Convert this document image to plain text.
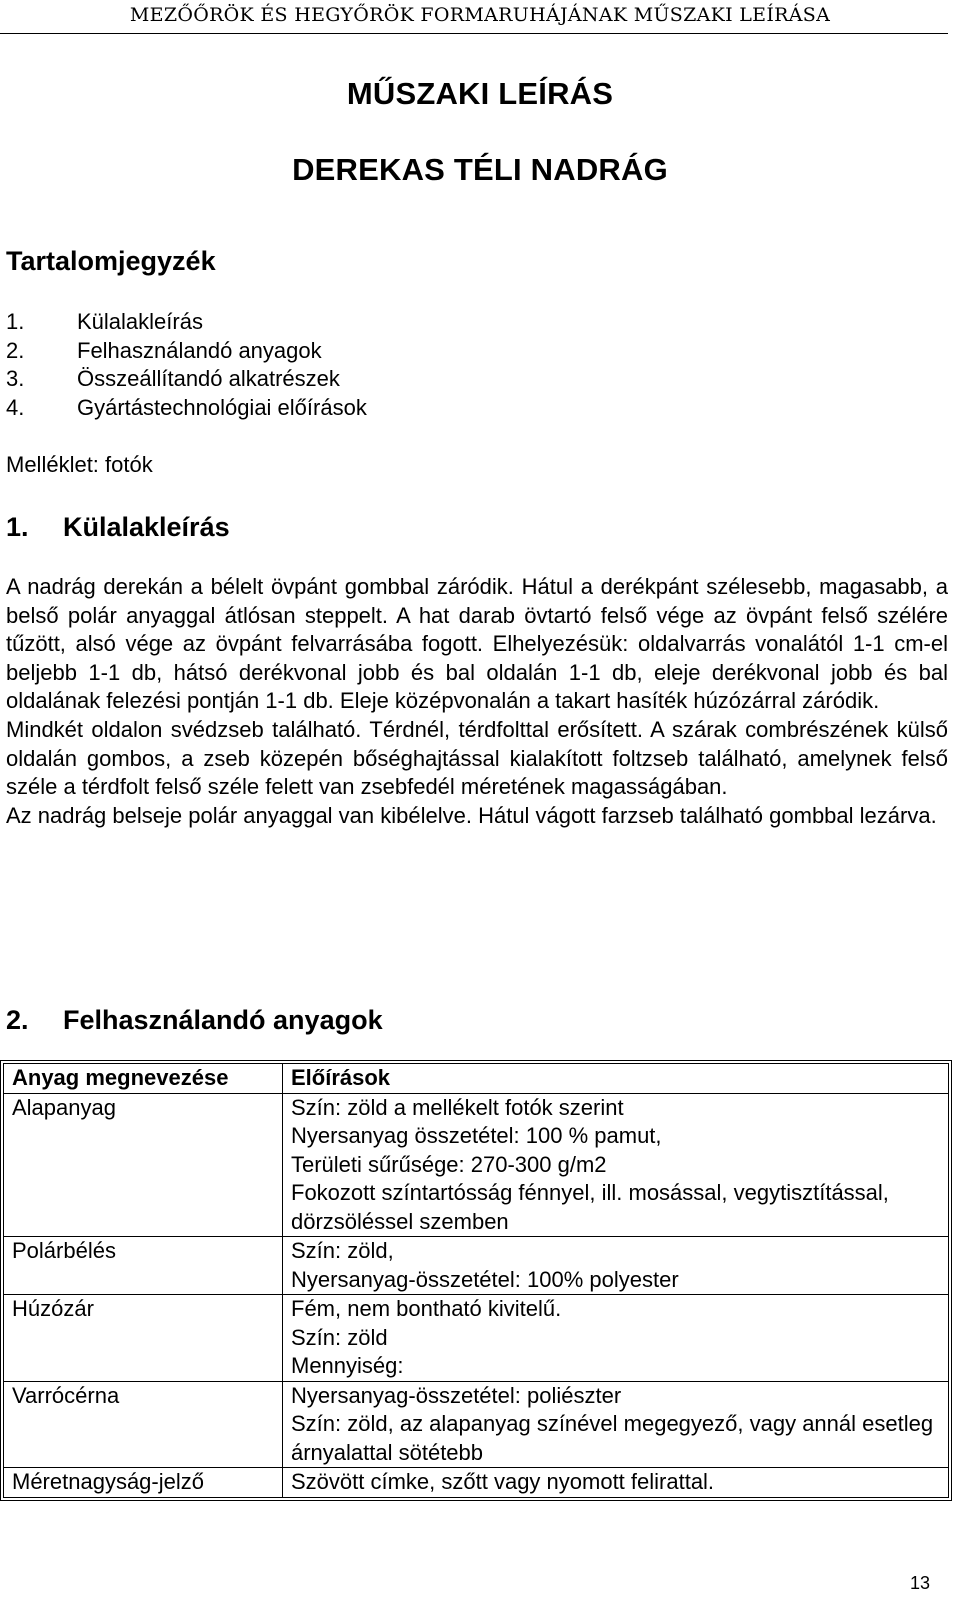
MEZŐŐRÖK ÉS HEGYŐRÖK FORMARUHÁJÁNAK MŰSZAKI LEÍRÁSA
MŰSZAKI LEÍRÁS
DEREKAS TÉLI NADRÁG
Tartalomjegyzék
1.	Külalakleírás
2.	Felhasználandó anyagok
3.	Összeállítandó alkatrészek
4.	Gyártástechnológiai előírások
Melléklet: fotók
1.	Külalakleírás

A nadrág derekán a bélelt övpánt gombbal záródik. Hátul a derékpánt szélesebb, magasabb, a belső polár anyaggal átlósan steppelt. A hat darab övtartó felső vége az övpánt felső szélére tűzött, alsó vége az övpánt felvarrásába fogott. Elhelyezésük: oldalvarrás vonalától 1-1 cm-el beljebb 1-1 db, hátsó derékvonal jobb és bal oldalán 1-1 db, eleje derékvonal jobb és bal oldalának felezési pontján 1-1 db. Eleje középvonalán a takart hasíték húzózárral záródik.

Mindkét oldalon svédzseb található. Térdnél, térdfolttal erősített. A szárak combrészének külső oldalán gombos, a zseb közepén bőséghajtással kialakított foltzseb található, amelynek felső széle a térdfolt felső széle felett van zsebfedél méretének magasságában.

Az nadrág belseje polár anyaggal van kibélelve. Hátul vágott farzseb található gombbal lezárva.

2.	Felhasználandó anyagok
Anyag megnevezése	Előírások
Alapanyag	Szín: zöld a mellékelt fotók szerint
Nyersanyag összetétel: 100 % pamut,
Területi sűrűsége: 270-300 g/m2
Fokozott színtartósság fénnyel, ill. mosással, vegytisztítással, dörzsöléssel szemben

Polárbélés	Szín: zöld,
Nyersanyag-összetétel: 100% polyester

Húzózár	Fém, nem bontható kivitelű.
Szín: zöld
Mennyiség:

Varrócérna	Nyersanyag-összetétel: poliészter
Szín: zöld, az alapanyag színével megegyező, vagy annál esetleg árnyalattal sötétebb

Méretnagyság-jelző	Szövött címke, szőtt vagy nyomott felirattal.
13
